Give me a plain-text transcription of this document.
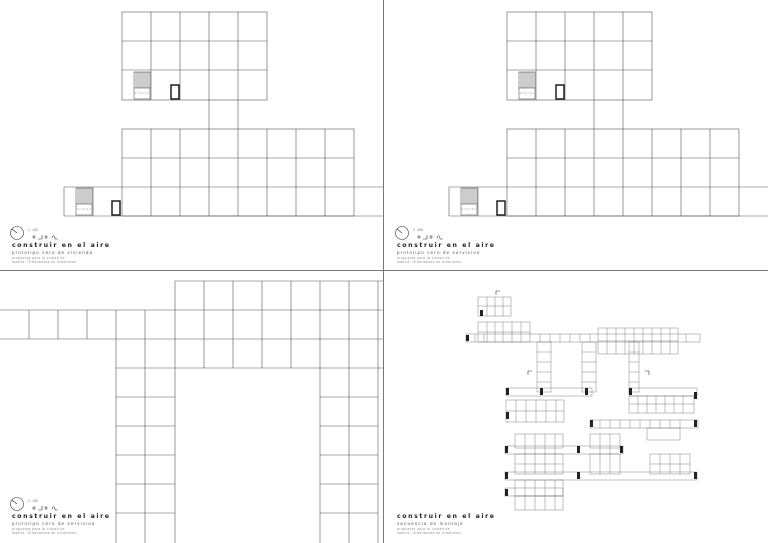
1 : 100
construir en el aire
prototipo cero de vivienda
propuesta para la ciudad de
madrid, Ordenanzas de urbanismo
1 : 100
construir en el aire
prototipo cero de servicios
propuesta para la ciudad de
madrid, Ordenanzas de urbanismo
1 : 100
construir en el aire
prototipo cero de servicios
propuesta para la ciudad de
madrid, Ordenanzas de urbanismo
construir en el aire
secuencia de montaje
propuesta para la ciudad de
madrid, Ordenanzas de urbanismo
